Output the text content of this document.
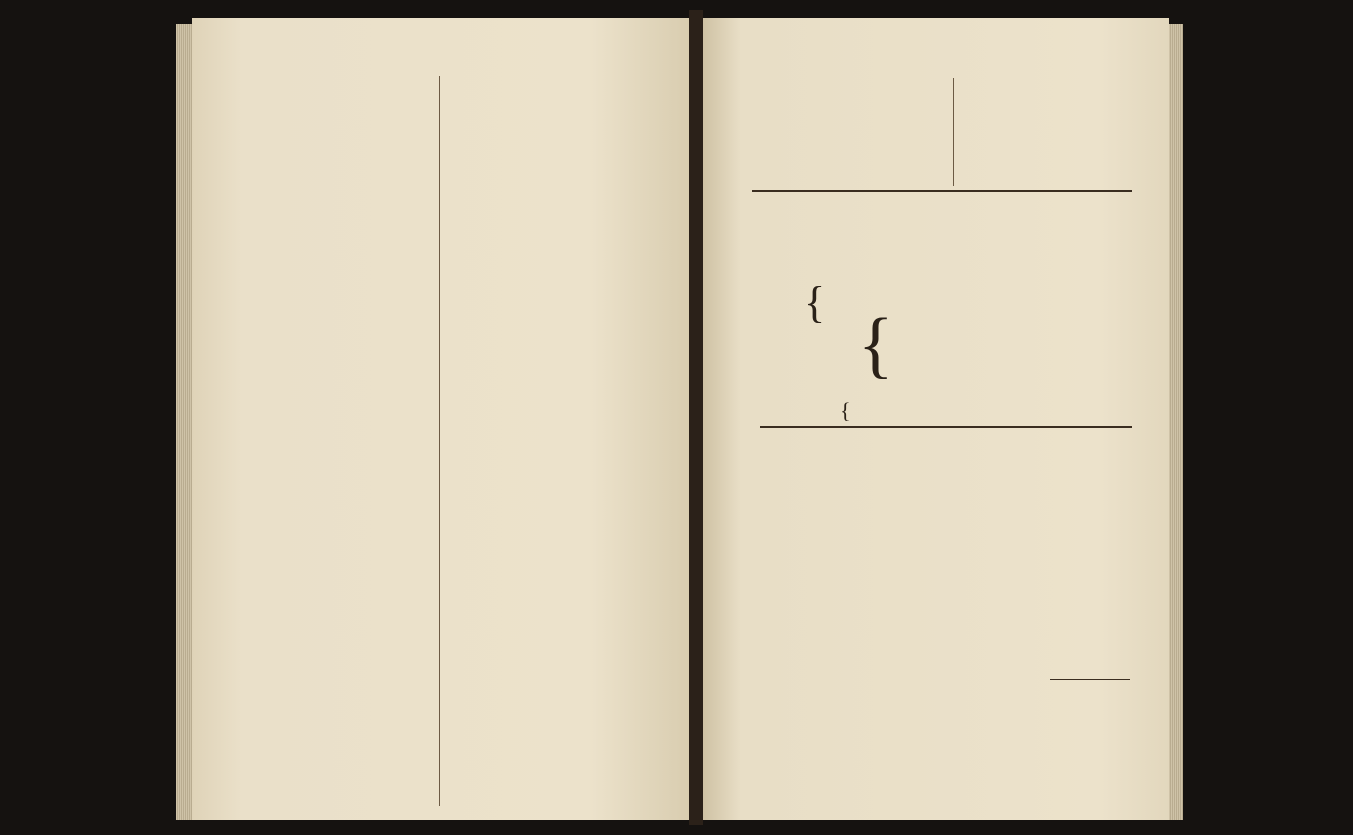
{
{
{
